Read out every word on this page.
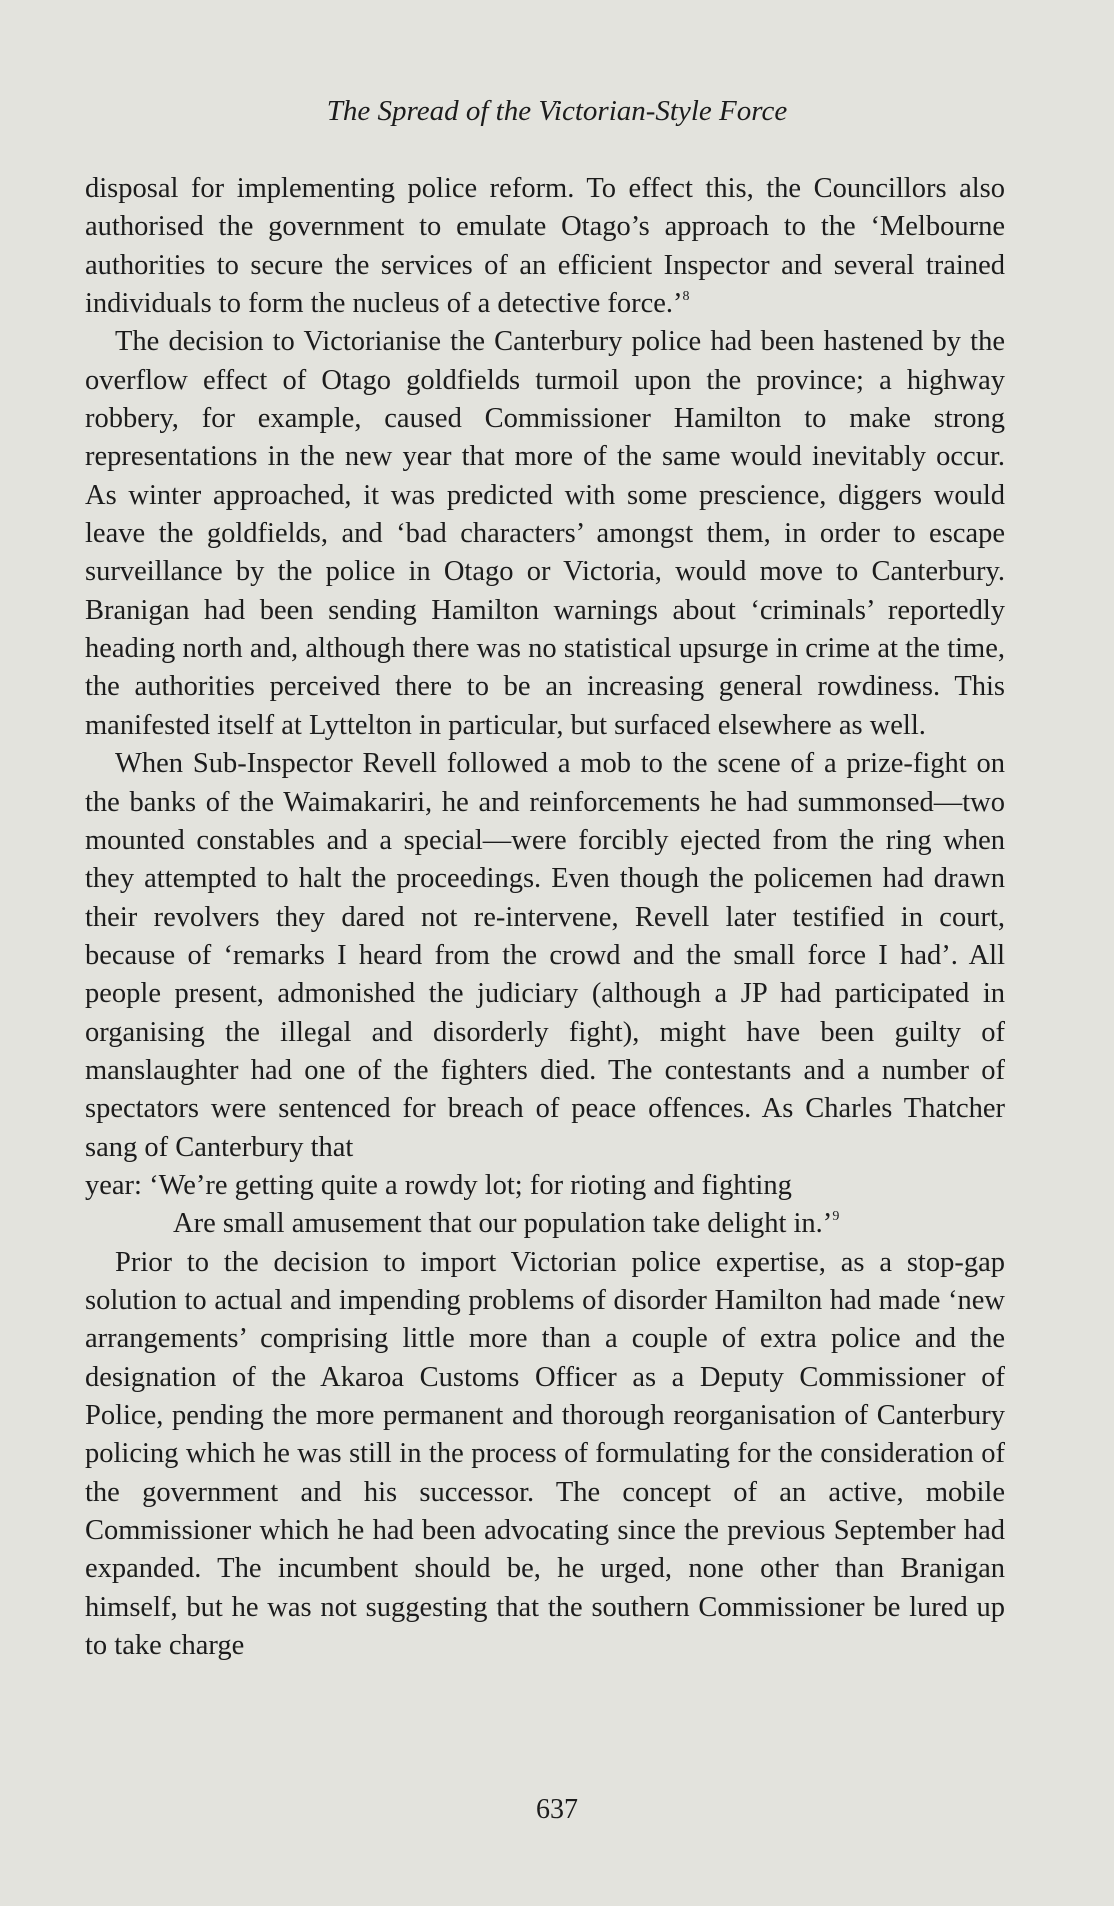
The Spread of the Victorian-Style Force

disposal for implementing police reform. To effect this, the Councillors also authorised the government to emulate Otago’s approach to the ‘Melbourne authorities to secure the services of an efficient Inspector and several trained individuals to form the nucleus of a detective force.’$^8$

The decision to Victorianise the Canterbury police had been hastened by the overflow effect of Otago goldfields turmoil upon the province; a highway robbery, for example, caused Commissioner Hamilton to make strong representations in the new year that more of the same would inevitably occur. As winter approached, it was predicted with some prescience, diggers would leave the goldfields, and ‘bad characters’ amongst them, in order to escape surveillance by the police in Otago or Victoria, would move to Canterbury. Branigan had been sending Hamilton warnings about ‘criminals’ reportedly heading north and, although there was no statistical upsurge in crime at the time, the authorities perceived there to be an increasing general rowdiness. This manifested itself at Lyttelton in particular, but surfaced elsewhere as well.

When Sub-Inspector Revell followed a mob to the scene of a prize-fight on the banks of the Waimakariri, he and reinforcements he had summonsed—two mounted constables and a special—were forcibly ejected from the ring when they attempted to halt the proceedings. Even though the policemen had drawn their revolvers they dared not re-intervene, Revell later testified in court, because of ‘remarks I heard from the crowd and the small force I had’. All people present, admonished the judiciary (although a JP had participated in organising the illegal and disorderly fight), might have been guilty of manslaughter had one of the fighters died. The contestants and a number of spectators were sentenced for breach of peace offences. As Charles Thatcher sang of Canterbury that

year: ‘We’re getting quite a rowdy lot; for rioting and fighting

Are small amusement that our population take delight in.’$^9$

Prior to the decision to import Victorian police expertise, as a stop-gap solution to actual and impending problems of disorder Hamilton had made ‘new arrangements’ comprising little more than a couple of extra police and the designation of the Akaroa Customs Officer as a Deputy Commissioner of Police, pending the more permanent and thorough reorganisation of Canterbury policing which he was still in the process of formulating for the consideration of the government and his successor. The concept of an active, mobile Commissioner which he had been advocating since the previous September had expanded. The incumbent should be, he urged, none other than Branigan himself, but he was not suggesting that the southern Commissioner be lured up to take charge

637
